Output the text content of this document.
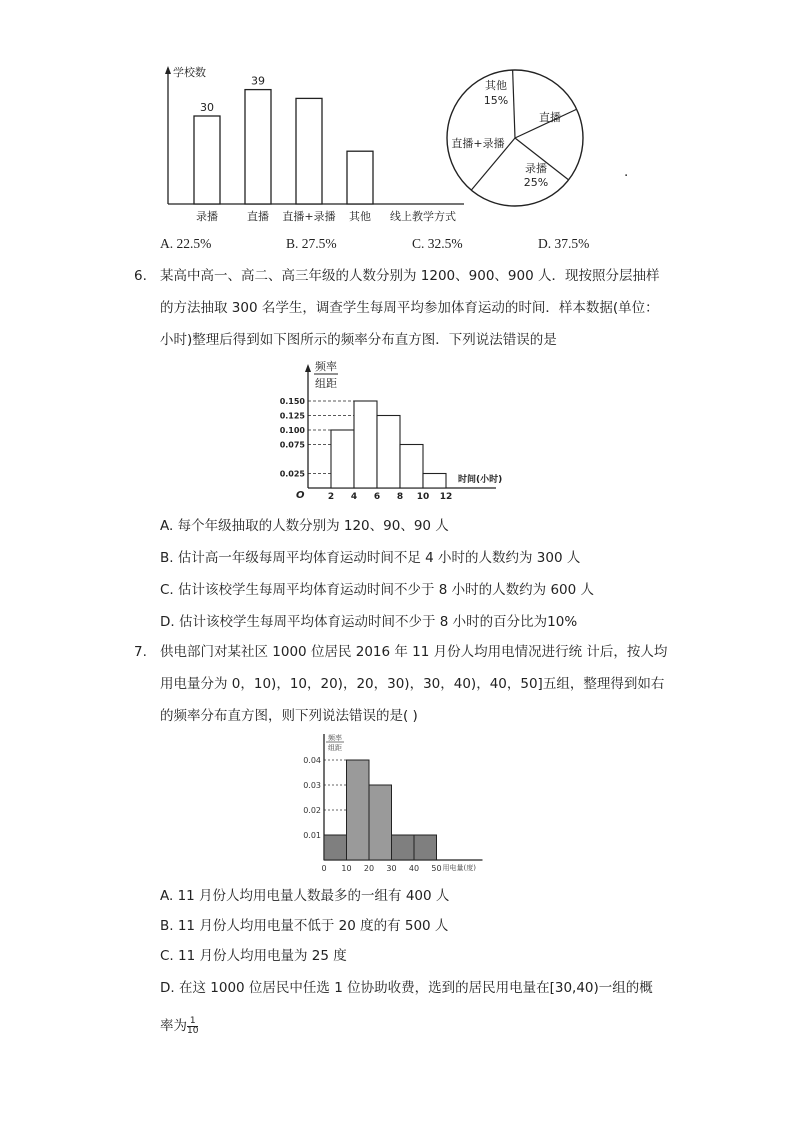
学校数
线上教学方式
录播
30
直播
39
直播+录播 其他
其他
15%
直播
录播
25%
直播+录播
.
A. 22.5%	B. 27.5%	C. 32.5%	D. 37.5%
6. 某高中高一、高二、高三年级的人数分别为 1200、900、900 人．现按照分层抽样
的方法抽取 300 名学生，调查学生每周平均参加体育运动的时间．样本数据(单位：
小时)整理后得到如下图所示的频率分布直方图．下列说法错误的是
频率
组距
时间(小时)
O
0.150
0.125
0.100
0.075
0.025
2 4 6 8 10 12
A. 每个年级抽取的人数分别为 120、90、90 人
B. 估计高一年级每周平均体育运动时间不足 4 小时的人数约为 300 人
C. 估计该校学生每周平均体育运动时间不少于 8 小时的人数约为 600 人
D. 估计该校学生每周平均体育运动时间不少于 8 小时的百分比为10%
7. 供电部门对某社区 1000 位居民 2016 年 11 月份人均用电情况进行统 计后，按人均
用电量分为 0，10)，10，20)，20，30)，30，40)，40，50]五组，整理得到如右
的频率分布直方图，则下列说法错误的是( )
频率
组距
用电量(度)
0.04
0.03
0.02
0.01
0 10 20 30 40 50
A. 11 月份人均用电量人数最多的一组有 400 人
B. 11 月份人均用电量不低于 20 度的有 500 人
C. 11 月份人均用电量为 25 度
D. 在这 1000 位居民中任选 1 位协助收费，选到的居民用电量在[30,40)一组的概
率为 $\frac{1}{10}$
